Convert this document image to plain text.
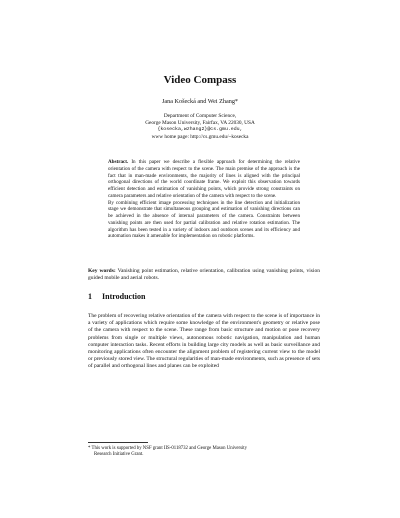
Video Compass
Jana Košecká and Wei Zhang*
Department of Computer Science,
George Mason University, Fairfax, VA 22030, USA
{kosecka,wzhang2}@cs.gmu.edu,
www home page: http://cs.gmu.edu/~kosecka

Abstract. In this paper we describe a flexible approach for determining the relative orientation of the camera with respect to the scene. The main premise of the approach is the fact that in man-made environments, the majority of lines is aligned with the principal orthogonal directions of the world coordinate frame. We exploit this observation towards efficient detection and estimation of vanishing points, which provide strong constraints on camera parameters and relative orientation of the camera with respect to the scene.

By combining efficient image processing techniques in the line detection and initialization stage we demonstrate that simultaneous grouping and estimation of vanishing directions can be achieved in the absence of internal parameters of the camera. Constraints between vanishing points are then used for partial calibration and relative rotation estimation. The algorithm has been tested in a variety of indoors and outdoors scenes and its efficiency and automation makes it amenable for implementation on robotic platforms.

Key words: Vanishing point estimation, relative orientation, calibration using vanishing points, vision guided mobile and aerial robots.

1 Introduction

The problem of recovering relative orientation of the camera with respect to the scene is of importance in a variety of applications which require some knowledge of the environment's geometry or relative pose of the camera with respect to the scene. These range from basic structure and motion or pose recovery problems from single or multiple views, autonomous robotic navigation, manipulation and human computer interaction tasks. Recent efforts in building large city models as well as basic surveillance and monitoring applications often encounter the alignment problem of registering current view to the model or previously stored view. The structural regularities of man-made environments, such as presence of sets of parallel and orthogonal lines and planes can be exploited

* This work is supported by NSF grant IIS-0118732 and George Mason University
Research Initiative Grant.
